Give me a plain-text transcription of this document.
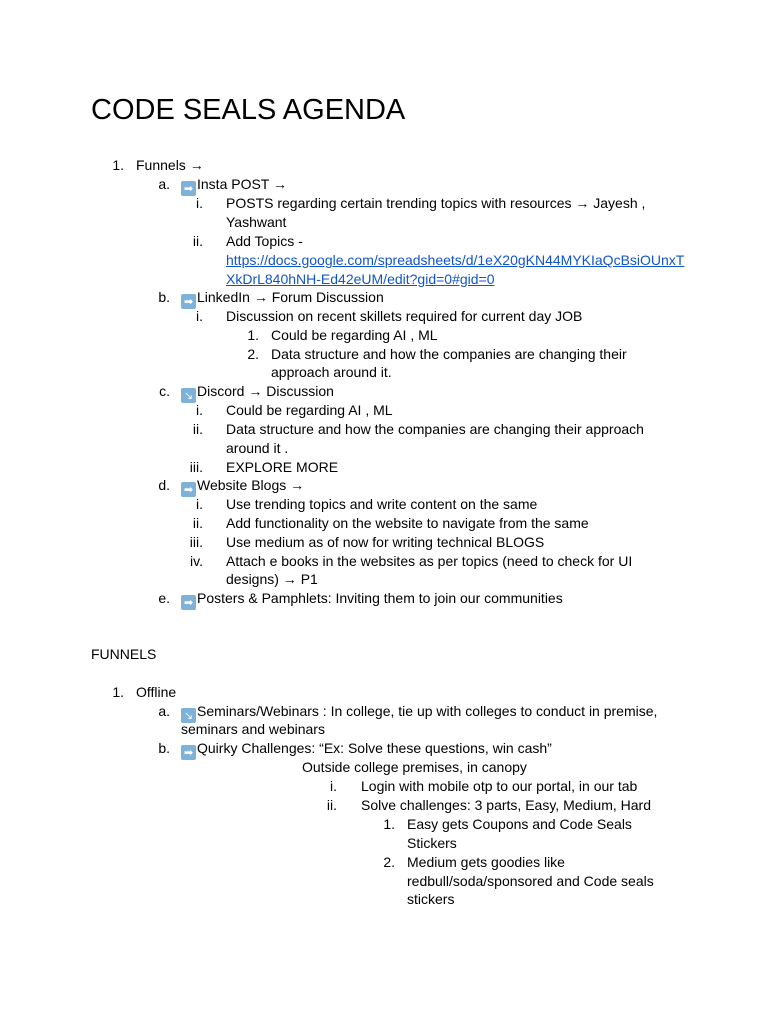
CODE SEALS AGENDA
1. Funnels →
a. ➡ Insta POST →
i. POSTS regarding certain trending topics with resources → Jayesh ,
Yashwant
ii. Add Topics -
https://docs.google.com/spreadsheets/d/1eX20gKN44MYKIaQcBsiOUnxT
XkDrL840hNH-Ed42eUM/edit?gid=0#gid=0
b. ➡ LinkedIn → Forum Discussion
i. Discussion on recent skillets required for current day JOB
1. Could be regarding AI , ML
2. Data structure and how the companies are changing their
approach around it.
c. ↘ Discord → Discussion
i. Could be regarding AI , ML
ii. Data structure and how the companies are changing their approach
around it .
iii. EXPLORE MORE
d. ➡ Website Blogs →
i. Use trending topics and write content on the same
ii. Add functionality on the website to navigate from the same
iii. Use medium as of now for writing technical BLOGS
iv. Attach e books in the websites as per topics (need to check for UI
designs) → P1
e. ➡ Posters & Pamphlets: Inviting them to join our communities
FUNNELS
1. Offline
a. ↘ Seminars/Webinars : In college, tie up with colleges to conduct in premise,
seminars and webinars
b. ➡ Quirky Challenges: “Ex: Solve these questions, win cash”
Outside college premises, in canopy
i. Login with mobile otp to our portal, in our tab
ii. Solve challenges: 3 parts, Easy, Medium, Hard
1. Easy gets Coupons and Code Seals
Stickers
2. Medium gets goodies like
redbull/soda/sponsored and Code seals
stickers
